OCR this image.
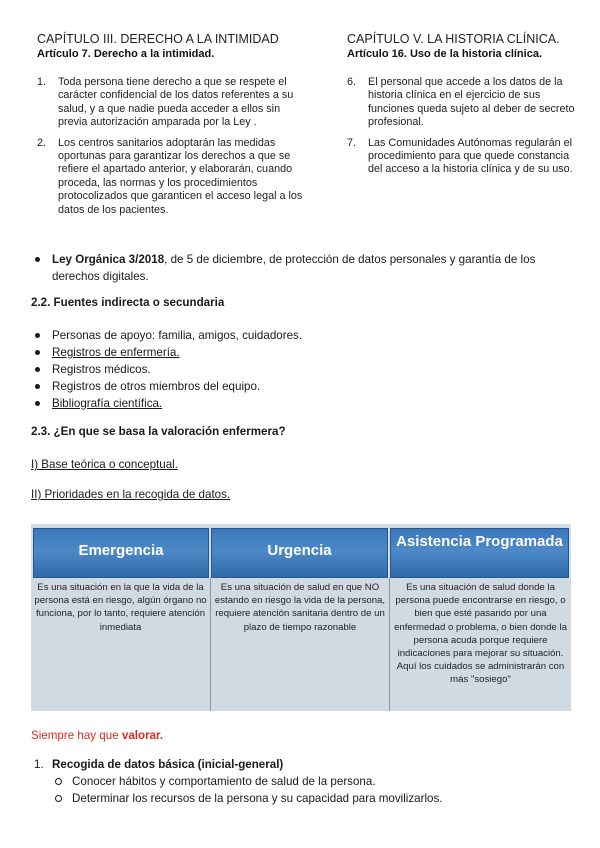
CAPÍTULO III. DERECHO A LA INTIMIDAD
Artículo 7. Derecho a la intimidad.
1. Toda persona tiene derecho a que se respete el carácter confidencial de los datos referentes a su salud, y a que nadie pueda acceder a ellos sin previa autorización amparada por la Ley .
2. Los centros sanitarios adoptarán las medidas oportunas para garantizar los derechos a que se refiere el apartado anterior, y elaborarán, cuando proceda, las normas y los procedimientos protocolizados que garanticen el acceso legal a los datos de los pacientes.
CAPÍTULO V. LA HISTORIA CLÍNICA.
Artículo 16. Uso de la historia clínica.
6. El personal que accede a los datos de la historia clínica en el ejercicio de sus funciones queda sujeto al deber de secreto profesional.
7. Las Comunidades Autónomas regularán el procedimiento para que quede constancia del acceso a la historia clínica y de su uso.
Ley Orgánica 3/2018, de 5 de diciembre, de protección de datos personales y garantía de los derechos digitales.
2.2. Fuentes indirecta o secundaria
Personas de apoyo: familia, amigos, cuidadores.
Registros de enfermería.
Registros médicos.
Registros de otros miembros del equipo.
Bibliografía científica.
2.3. ¿En que se basa la valoración enfermera?
I) Base teórica o conceptual.
II) Prioridades en la recogida de datos.
Emergencia	Urgencia
Asistencia Programada
Es una situación en la que la vida de la persona está en riesgo, algún órgano no funciona, por lo tanto, requiere atención inmediata
Es una situación de salud en que NO estando en riesgo la vida de la persona, requiere atención sanitaria dentro de un plazo de tiempo razonable
Es una situación de salud donde la persona puede encontrarse en riesgo, o bien que esté pasando por una enfermedad o problema, o bien donde la persona acuda porque requiere indicaciones para mejorar su situación. Aquí los cuidados se administrarán con más "sosiego"
Siempre hay que valorar.
1. Recogida de datos básica (inicial-general)
Conocer hábitos y comportamiento de salud de la persona.
Determinar los recursos de la persona y su capacidad para movilizarlos.
